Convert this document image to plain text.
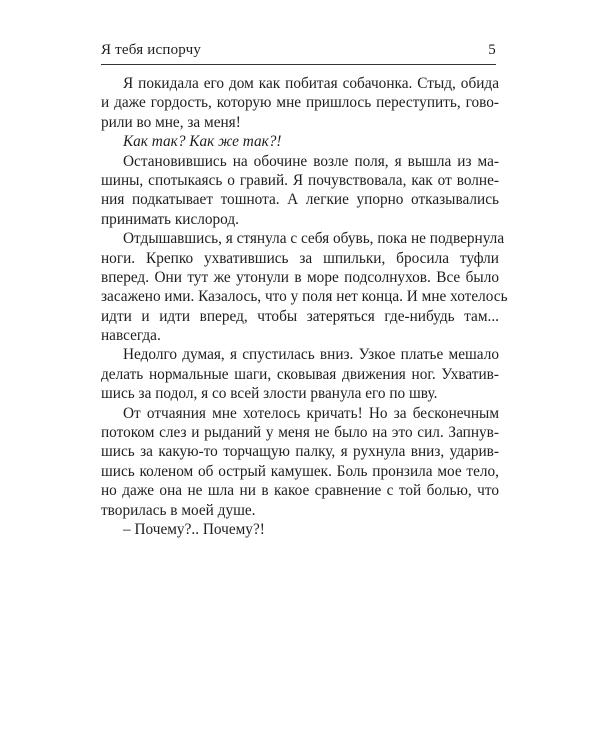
Я тебя испорчу	5
Я покидала его дом как побитая собачонка. Стыд, обида
и даже гордость, которую мне пришлось переступить, гово-
рили во мне, за меня!
Как так? Как же так?!
Остановившись на обочине возле поля, я вышла из ма-
шины, спотыкаясь о гравий. Я почувствовала, как от волне-
ния подкатывает тошнота. А легкие упорно отказывались
принимать кислород.
Отдышавшись, я стянула с себя обувь, пока не подвернула
ноги. Крепко ухватившись за шпильки, бросила туфли
вперед. Они тут же утонули в море подсолнухов. Все было
засажено ими. Казалось, что у поля нет конца. И мне хотелось
идти и идти вперед, чтобы затеряться где-нибудь там...
навсегда.
Недолго думая, я спустилась вниз. Узкое платье мешало
делать нормальные шаги, сковывая движения ног. Ухватив-
шись за подол, я со всей злости рванула его по шву.
От отчаяния мне хотелось кричать! Но за бесконечным
потоком слез и рыданий у меня не было на это сил. Запнув-
шись за какую-то торчащую палку, я рухнула вниз, ударив-
шись коленом об острый камушек. Боль пронзила мое тело,
но даже она не шла ни в какое сравнение с той болью, что
творилась в моей душе.
– Почему?.. Почему?!
